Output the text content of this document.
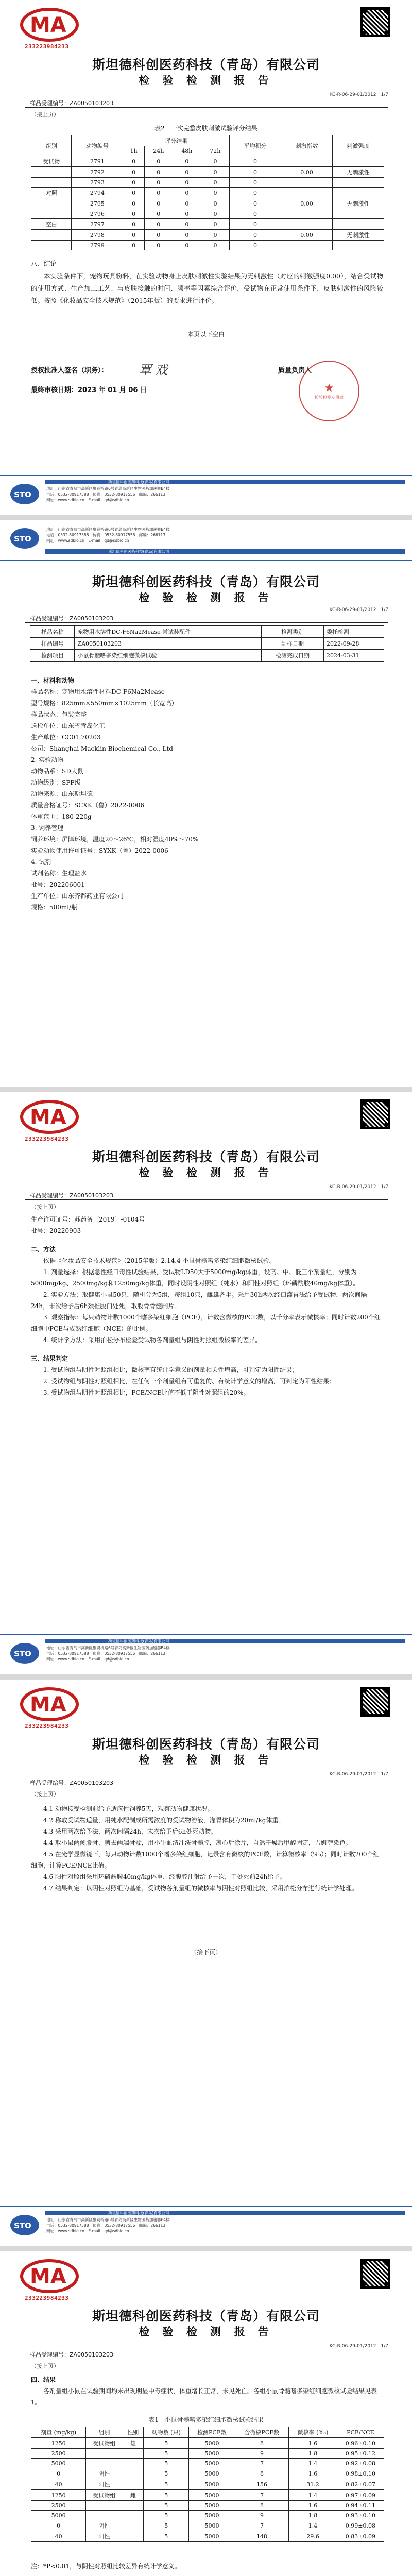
MA
233223984233
斯坦德科创医药科技（青岛）有限公司
检 验 检 测 报 告
KC-R-06-29-01/2012　1/7
样品受理编号：ZA0050103203
（接上页）
表2　一次完整皮肤刺激试验评分结果
组别	动物编号	评分结果				平均积分	刺激指数	刺激强度
		1h	24h	48h	72h			
受试物	2791	0	0	0	0	0		
	2792	0	0	0	0	0	0.00	无刺激性
	2793	0	0	0	0	0		
对照	2794	0	0	0	0	0		
	2795	0	0	0	0	0	0.00	无刺激性
	2796	0	0	0	0	0		
空白	2797	0	0	0	0	0		
	2798	0	0	0	0	0	0.00	无刺激性
	2799	0	0	0	0	0		

八、结论

本实验条件下，宠物玩具粉料，在实验动物身上皮肤刺激性实验结果为无刺激性（对应的刺激强度0.00），结合受试物的使用方式、生产加工工艺、与皮肤接触的时间、频率等因素综合评价，受试物在正常使用条件下，皮肤刺激性的风险较低。按照《化妆品安全技术规范》（2015年版）的要求进行评价。

本页以下空白
授权批准人签名（职务）：	覃 戏	质量负责人
最终审核日期：2023 年 01 月 06 日	★
检验检测专用章
STO
斯坦德科创医药科技(青岛)有限公司
地址：山东省青岛市高新区聚贤桥路6号青岛高新区生物医药加速器B4楼
电话：0532-80917588　传真：0532-80917556　邮编：266113
网址：www.sdbio.cn　E-mail：qd@sdbio.cn
STO
地址：山东省青岛市高新区聚贤桥路6号青岛高新区生物医药加速器B4楼
电话：0532-80917588　传真：0532-80917556　邮编：266113
网址：www.sdbio.cn　E-mail：qd@sdbio.cn
斯坦德科创医药科技(青岛)有限公司
斯坦德科创医药科技（青岛）有限公司
检 验 检 测 报 告
KC-R-06-29-01/2012　1/7
样品受理编号：ZA0050103203
样品名称	宠物用水溶性DC-F6Na2Mease 尝试装配件	检测类别	委托检测
样品编号	ZA0050103203	到样日期	2022-09-28
检测项目	小鼠骨髓嗜多染红细胞微核试验	检测完成日期	2024-03-31

一、材料和动物

样品名称：宠物用水溶性材料DC-F6Na2Mease

型号规格：825mm×550mm×1025mm（长宽高）

样品状态：包装完整

送检单位：山东省青岛化工

生产单位：CC01.70203

公司：Shanghai Macklin Biochemical Co., Ltd

2. 实验动物

动物品系：SD大鼠

动物级别：SPF级

动物来源：山东斯坦德

质量合格证号：SCXK（鲁）2022-0006

体重范围：180-220g

3. 饲养管理

饲养环境：屏障环境，温度20～26℃，相对湿度40%～70%

实验动物使用许可证号：SYXK（鲁）2022-0006

4. 试剂

试剂名称：生理盐水

批号：202206001

生产单位：山东齐都药业有限公司

规格：500ml/瓶

MA
233223984233
斯坦德科创医药科技（青岛）有限公司
检 验 检 测 报 告
KC-R-06-29-01/2012　1/7
样品受理编号：ZA0050103203
（接上页）

生产许可证号：苏药备〔2019〕-0104号

批号：20220903

二、方法

依据《化妆品安全技术规范》（2015年版）2.14.4 小鼠骨髓嗜多染红细胞微核试验。

1. 剂量选择：根据急性经口毒性试验结果，受试物LD50大于5000mg/kg体重，设高、中、低三个剂量组，分别为5000mg/kg、2500mg/kg和1250mg/kg体重，同时设阴性对照组（纯水）和阳性对照组（环磷酰胺40mg/kg体重）。

2. 实验方法：取健康小鼠50只，随机分为5组，每组10只，雌雄各半。采用30h两次经口灌胃法给予受试物，两次间隔24h，末次给予后6h颈椎脱臼处死，取股骨骨髓制片。

3. 观察指标：每只动物计数1000个嗜多染红细胞（PCE），计数含微核的PCE数，以千分率表示微核率；同时计数200个红细胞中PCE与成熟红细胞（NCE）的比例。

4. 统计学方法：采用泊松分布检验受试物各剂量组与阴性对照组微核率的差异。

三、结果判定

1. 受试物组与阴性对照组相比，微核率有统计学意义的剂量相关性增高，可判定为阳性结果；

2. 受试物组与阴性对照组相比，在任何一个剂量组有可重复的、有统计学意义的增高，可判定为阳性结果；

3. 受试物组与阴性对照组相比，PCE/NCE比值不低于阴性对照组的20%。

STO
斯坦德科创医药科技(青岛)有限公司
地址：山东省青岛市高新区聚贤桥路6号青岛高新区生物医药加速器B4楼
电话：0532-80917588　传真：0532-80917556　邮编：266113
网址：www.sdbio.cn　E-mail：qd@sdbio.cn
MA
233223984233
斯坦德科创医药科技（青岛）有限公司
检 验 检 测 报 告
KC-R-06-29-01/2012　1/7
样品受理编号：ZA0050103203
（接上页）

4.1 动物接受检测前给予适应性饲养5天，观察动物健康状况。

4.2 称取受试物适量，用纯水配制成所需浓度的受试物溶液，灌胃体积为20ml/kg体重。

4.3 采用两次给予法，两次间隔24h，末次给予后6h处死动物。

4.4 取小鼠两侧股骨，剪去两端骨骺，用小牛血清冲洗骨髓腔，离心后涂片，自然干燥后甲醇固定，吉姆萨染色。

4.5 在光学显微镜下，每只动物计数1000个嗜多染红细胞，记录含有微核的PCE数，计算微核率（‰）；同时计数200个红细胞，计算PCE/NCE比值。

4.6 阳性对照组采用环磷酰胺40mg/kg体重，经腹腔注射给予一次，于处死前24h给予。

4.7 结果判定：以阴性对照组为基础，受试物各剂量组的微核率与阴性对照组比较，采用泊松分布进行统计学处理。

（接下页）
STO
斯坦德科创医药科技(青岛)有限公司
地址：山东省青岛市高新区聚贤桥路6号青岛高新区生物医药加速器B4楼
电话：0532-80917588　传真：0532-80917556　邮编：266113
网址：www.sdbio.cn　E-mail：qd@sdbio.cn
MA
233223984233
斯坦德科创医药科技（青岛）有限公司
检 验 检 测 报 告
KC-R-06-29-01/2012　1/7
样品受理编号：ZA0050103203
（接上页）

四、结果

各剂量组小鼠在试验期间均未出现明显中毒症状，体重增长正常，未见死亡。各组小鼠骨髓嗜多染红细胞微核试验结果见表1。

表1　小鼠骨髓嗜多染红细胞微核试验结果
剂量 (mg/kg)	组别	性别	动物数 (只)	检测PCE数	含微核PCE数	微核率 (‰)	PCE/NCE
1250	受试物组	雄	5	5000	8	1.6	0.96±0.10
2500			5	5000	9	1.8	0.95±0.12
5000			5	5000	7	1.4	0.92±0.08
0	阴性		5	5000	8	1.6	0.98±0.10
40	阳性		5	5000	156	31.2	0.82±0.07
1250	受试物组	雌	5	5000	7	1.4	0.97±0.09
2500			5	5000	8	1.6	0.94±0.11
5000			5	5000	9	1.8	0.93±0.10
0	阴性		5	5000	7	1.4	0.99±0.08
40	阳性		5	5000	148	29.6	0.83±0.09

注：*P<0.01，与阴性对照组比较差异有统计学意义。
